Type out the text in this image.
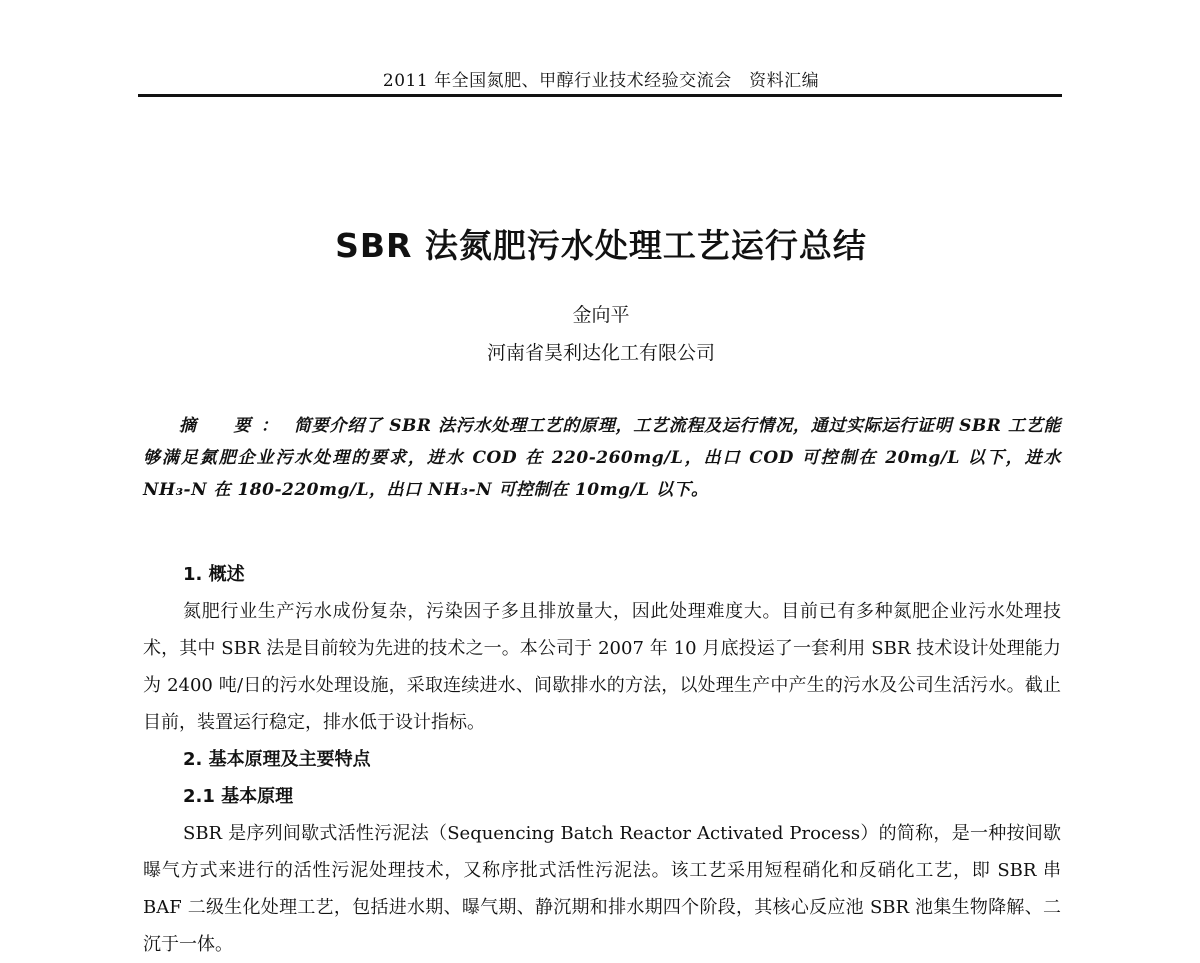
2011 年全国氮肥、甲醇行业技术经验交流会　资料汇编
SBR 法氮肥污水处理工艺运行总结
金向平
河南省昊利达化工有限公司
摘　要： 简要介绍了 SBR 法污水处理工艺的原理，工艺流程及运行情况，通过实际运行证明 SBR 工艺能够满足氮肥企业污水处理的要求，进水 COD 在 220-260mg/L，出口 COD 可控制在 20mg/L 以下，进水 NH₃-N 在 180-220mg/L，出口 NH₃-N 可控制在 10mg/L 以下。
1. 概述

氮肥行业生产污水成份复杂，污染因子多且排放量大，因此处理难度大。目前已有多种氮肥企业污水处理技术，其中 SBR 法是目前较为先进的技术之一。本公司于 2007 年 10 月底投运了一套利用 SBR 技术设计处理能力为 2400 吨/日的污水处理设施，采取连续进水、间歇排水的方法，以处理生产中产生的污水及公司生活污水。截止目前，装置运行稳定，排水低于设计指标。

2. 基本原理及主要特点
2.1 基本原理

SBR 是序列间歇式活性污泥法（Sequencing Batch Reactor Activated Process）的简称，是一种按间歇曝气方式来进行的活性污泥处理技术，又称序批式活性污泥法。该工艺采用短程硝化和反硝化工艺，即 SBR 串 BAF 二级生化处理工艺，包括进水期、曝气期、静沉期和排水期四个阶段，其核心反应池 SBR 池集生物降解、二沉于一体。
